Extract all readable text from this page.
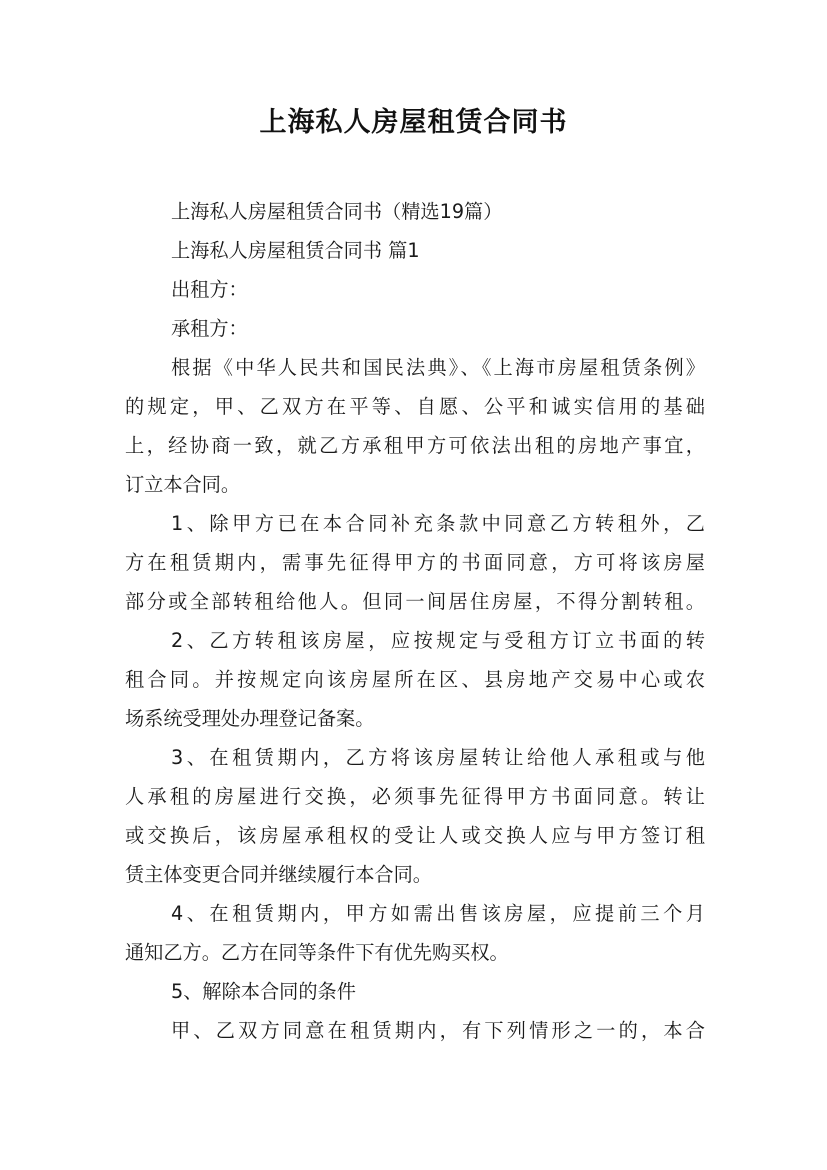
上海私人房屋租赁合同书
上海私人房屋租赁合同书（精选19篇）
上海私人房屋租赁合同书 篇1
出租方：
承租方：
根据《中华人民共和国民法典》、《上海市房屋租赁条例》
的规定，甲、乙双方在平等、自愿、公平和诚实信用的基础
上，经协商一致，就乙方承租甲方可依法出租的房地产事宜，
订立本合同。
1、除甲方已在本合同补充条款中同意乙方转租外，乙
方在租赁期内，需事先征得甲方的书面同意，方可将该房屋
部分或全部转租给他人。但同一间居住房屋，不得分割转租。
2、乙方转租该房屋，应按规定与受租方订立书面的转
租合同。并按规定向该房屋所在区、县房地产交易中心或农
场系统受理处办理登记备案。
3、在租赁期内，乙方将该房屋转让给他人承租或与他
人承租的房屋进行交换，必须事先征得甲方书面同意。转让
或交换后，该房屋承租权的受让人或交换人应与甲方签订租
赁主体变更合同并继续履行本合同。
4、在租赁期内，甲方如需出售该房屋，应提前三个月
通知乙方。乙方在同等条件下有优先购买权。
5、解除本合同的条件
甲、乙双方同意在租赁期内，有下列情形之一的，本合
